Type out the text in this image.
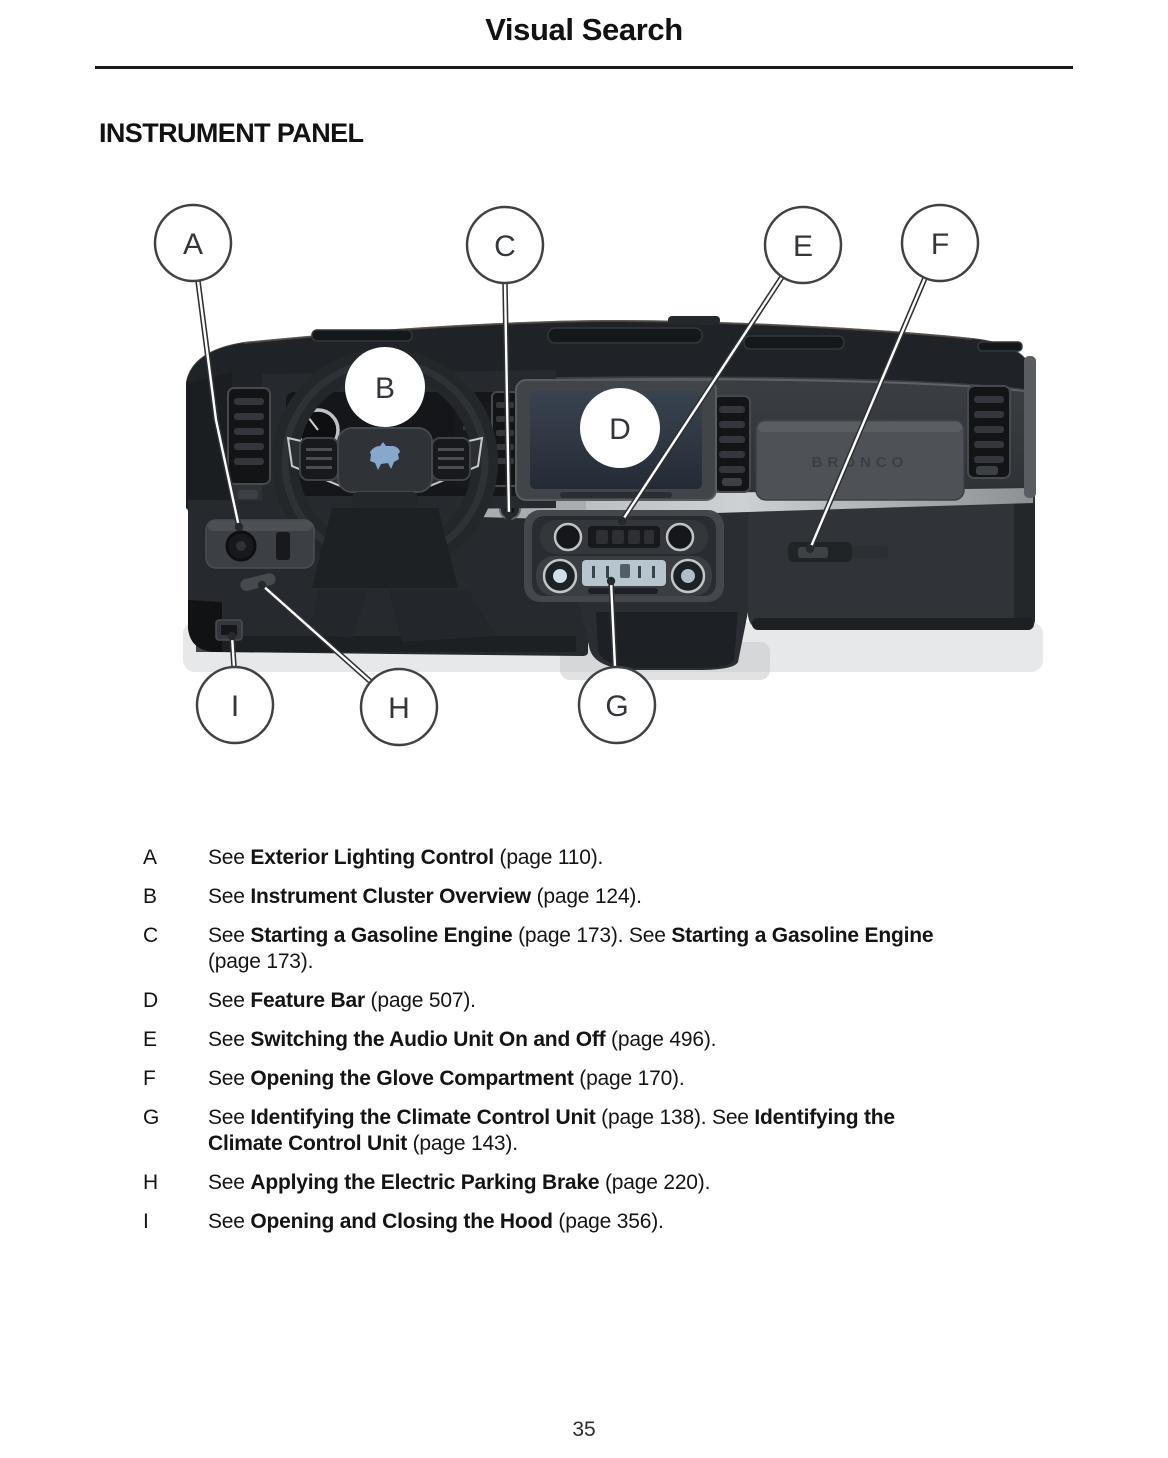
Visual Search
INSTRUMENT PANEL
BRONCO
A
B
C
D
E	F
G
H
I
A	See Exterior Lighting Control (page 110).
B	See Instrument Cluster Overview (page 124).
C	See Starting a Gasoline Engine (page 173). See Starting a Gasoline Engine
(page 173).
D	See Feature Bar (page 507).
E	See Switching the Audio Unit On and Off (page 496).
F	See Opening the Glove Compartment (page 170).
G	See Identifying the Climate Control Unit (page 138). See Identifying the
Climate Control Unit (page 143).
H	See Applying the Electric Parking Brake (page 220).
I	See Opening and Closing the Hood (page 356).
35
